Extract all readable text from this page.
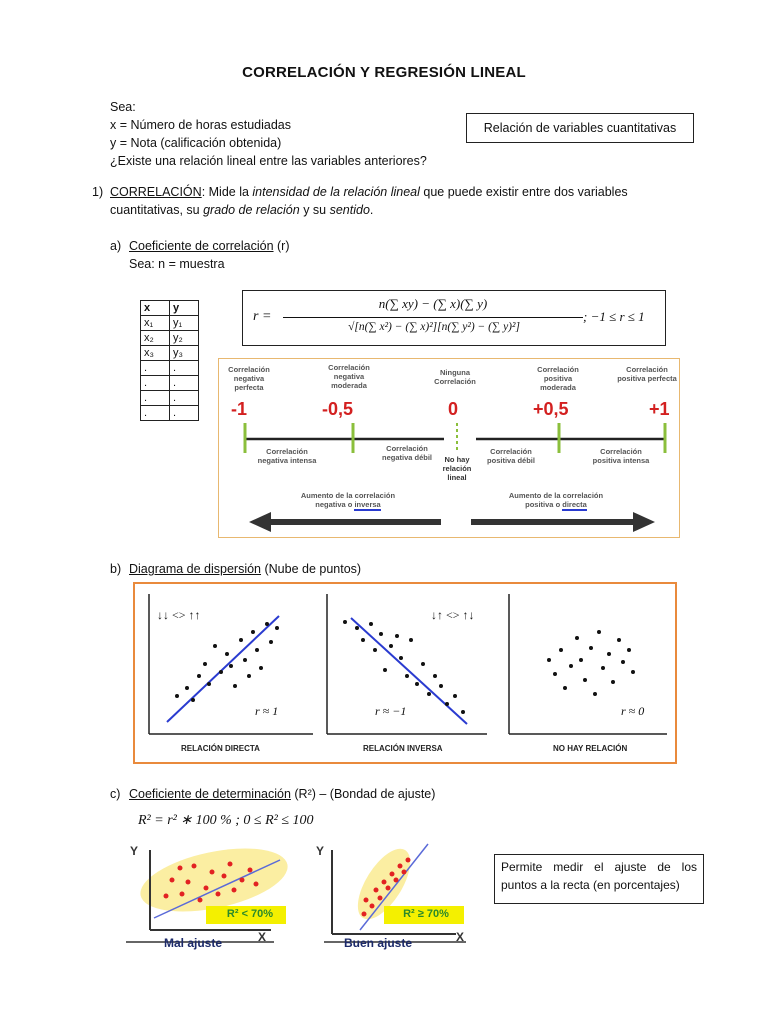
CORRELACIÓN Y REGRESIÓN LINEAL
Sea:
x = Número de horas estudiadas
y = Nota (calificación obtenida)
¿Existe una relación lineal entre las variables anteriores?
Relación de variables cuantitativas
1) CORRELACIÓN: Mide la intensidad de la relación lineal que puede existir entre dos variables
cuantitativas, su grado de relación y su sentido.
a) Coeficiente de correlación (r)
Sea: n = muestra
x	y
x₁	y₁
x₂	y₂
x₃	y₃
.	.
.	.
.	.
.	.
r =
n(∑ xy) − (∑ x)(∑ y)
√[n(∑ x²) − (∑ x)²][n(∑ y²) − (∑ y)²]
; −1 ≤ r ≤ 1
Correlación negativa perfecta
Correlación negativa moderada
Ninguna Correlación
Correlación positiva moderada
Correlación positiva perfecta
-1	-0,5	0	+0,5	+1
Correlación negativa intensa
Correlación negativa débil	No hay relación lineal
Correlación positiva débil
Correlación positiva intensa
Aumento de la correlación
negativa o inversa
Aumento de la correlación
positiva o directa
b) Diagrama de dispersión (Nube de puntos)
↓↓ <> ↑↑	↓↑ <> ↑↓
r ≈ 1	r ≈ −1	r ≈ 0
RELACIÓN DIRECTA	RELACIÓN INVERSA	NO HAY RELACIÓN
c) Coeficiente de determinación (R²) – (Bondad de ajuste)
R² = r² ∗ 100 % ; 0 ≤ R² ≤ 100
Y
X
Y
X
R² < 70%	R² ≥ 70%
Mal ajuste	Buen ajuste
Permite medir el ajuste de los puntos a la recta (en porcentajes)
